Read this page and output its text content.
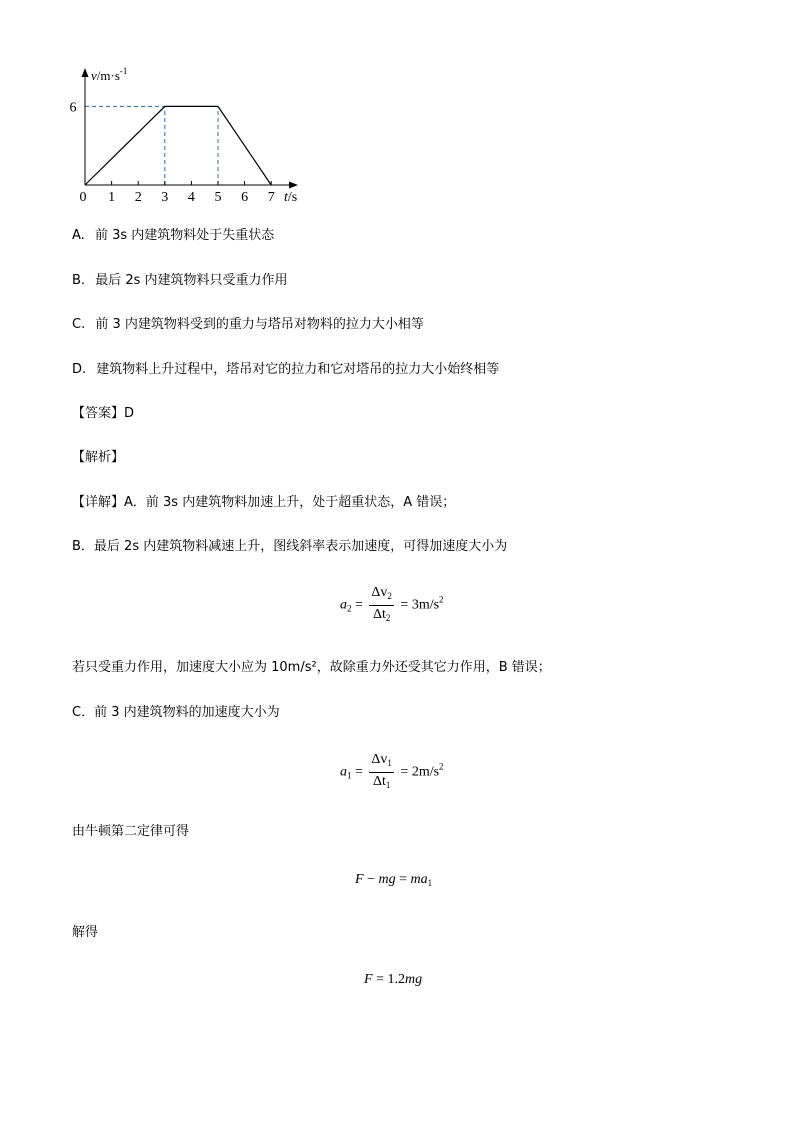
0 1 2 3 4 5 6 7
6
$v/m\cdot s^{-1}$
t/s
A. 前 3s 内建筑物料处于失重状态
B. 最后 2s 内建筑物料只受重力作用
C. 前 3 内建筑物料受到的重力与塔吊对物料的拉力大小相等
D. 建筑物料上升过程中，塔吊对它的拉力和它对塔吊的拉力大小始终相等
【答案】D
【解析】
【详解】A．前 3s 内建筑物料加速上升，处于超重状态，A 错误；
B．最后 2s 内建筑物料减速上升，图线斜率表示加速度，可得加速度大小为
$a_2 = \frac{\Delta v_2}{\Delta t_2} = 3m/s^2$
若只受重力作用，加速度大小应为 10m/s²，故除重力外还受其它力作用，B 错误；
C．前 3 内建筑物料的加速度大小为
$a_1 = \frac{\Delta v_1}{\Delta t_1} = 2m/s^2$
由牛顿第二定律可得
F − mg = $ma_1$
解得
F = 1.2mg
